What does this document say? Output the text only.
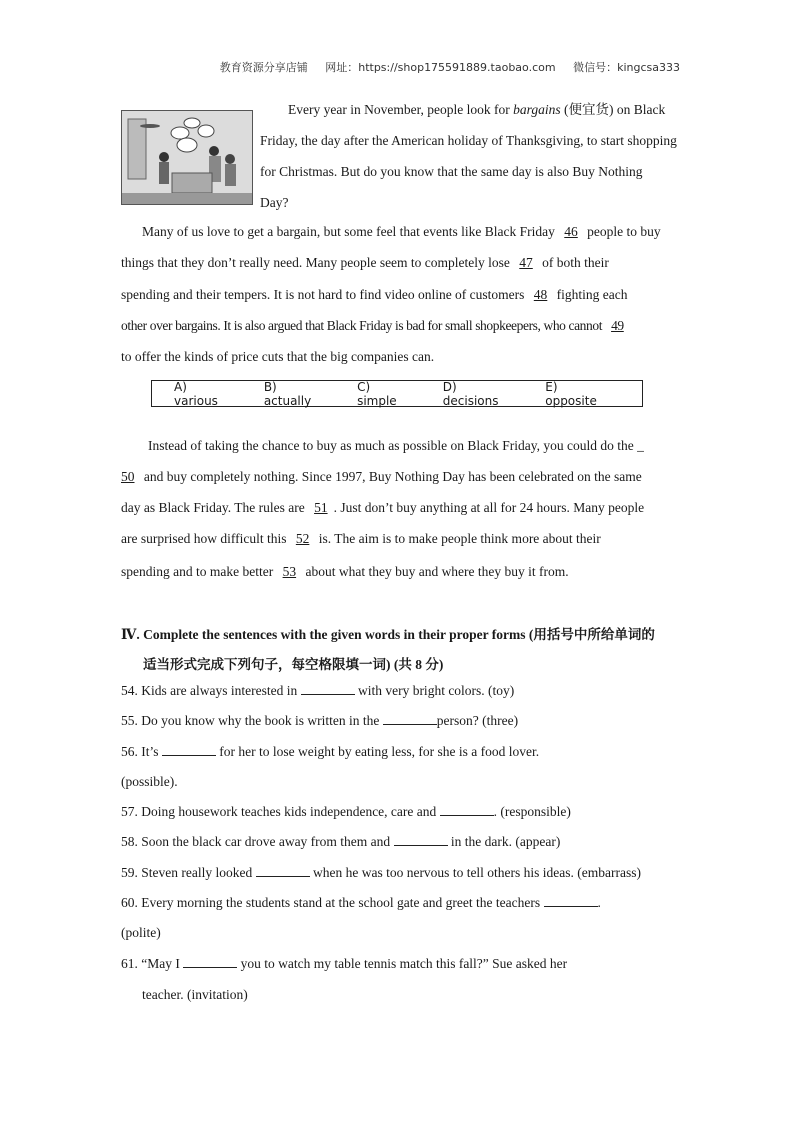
教育资源分享店铺 网址：https://shop175591889.taobao.com 微信号：kingcsa333
Every year in November, people look for bargains (便宜货) on Black
Friday, the day after the American holiday of Thanksgiving, to start shopping
for Christmas. But do you know that the same day is also Buy Nothing
Day?
Many of us love to get a bargain, but some feel that events like Black Friday 46 people to buy
things that they don’t really need. Many people seem to completely lose 47 of both their
spending and their tempers. It is not hard to find video online of customers 48 fighting each
other over bargains. It is also argued that Black Friday is bad for small shopkeepers, who cannot 49
to offer the kinds of price cuts that the big companies can.
A) various
B) actually
C) simple
D) decisions
E) opposite
Instead of taking the chance to buy as much as possible on Black Friday, you could do the _
50 and buy completely nothing. Since 1997, Buy Nothing Day has been celebrated on the same
day as Black Friday. The rules are 51 . Just don’t buy anything at all for 24 hours. Many people
are surprised how difficult this 52 is. The aim is to make people think more about their
spending and to make better 53 about what they buy and where they buy it from.
Ⅳ. Complete the sentences with the given words in their proper forms (用括号中所给单词的
适当形式完成下列句子，每空格限填一词) (共 8 分)
54. Kids are always interested in	with very bright colors. (toy)
55. Do you know why the book is written in the	person? (three)
56. It’s	for her to lose weight by eating less, for she is a food lover.
(possible).
57. Doing housework teaches kids independence, care and	. (responsible)
58. Soon the black car drove away from them and	in the dark. (appear)
59. Steven really looked	when he was too nervous to tell others his ideas. (embarrass)
60. Every morning the students stand at the school gate and greet the teachers	.
(polite)
61. “May I	you to watch my table tennis match this fall?” Sue asked her
teacher. (invitation)
